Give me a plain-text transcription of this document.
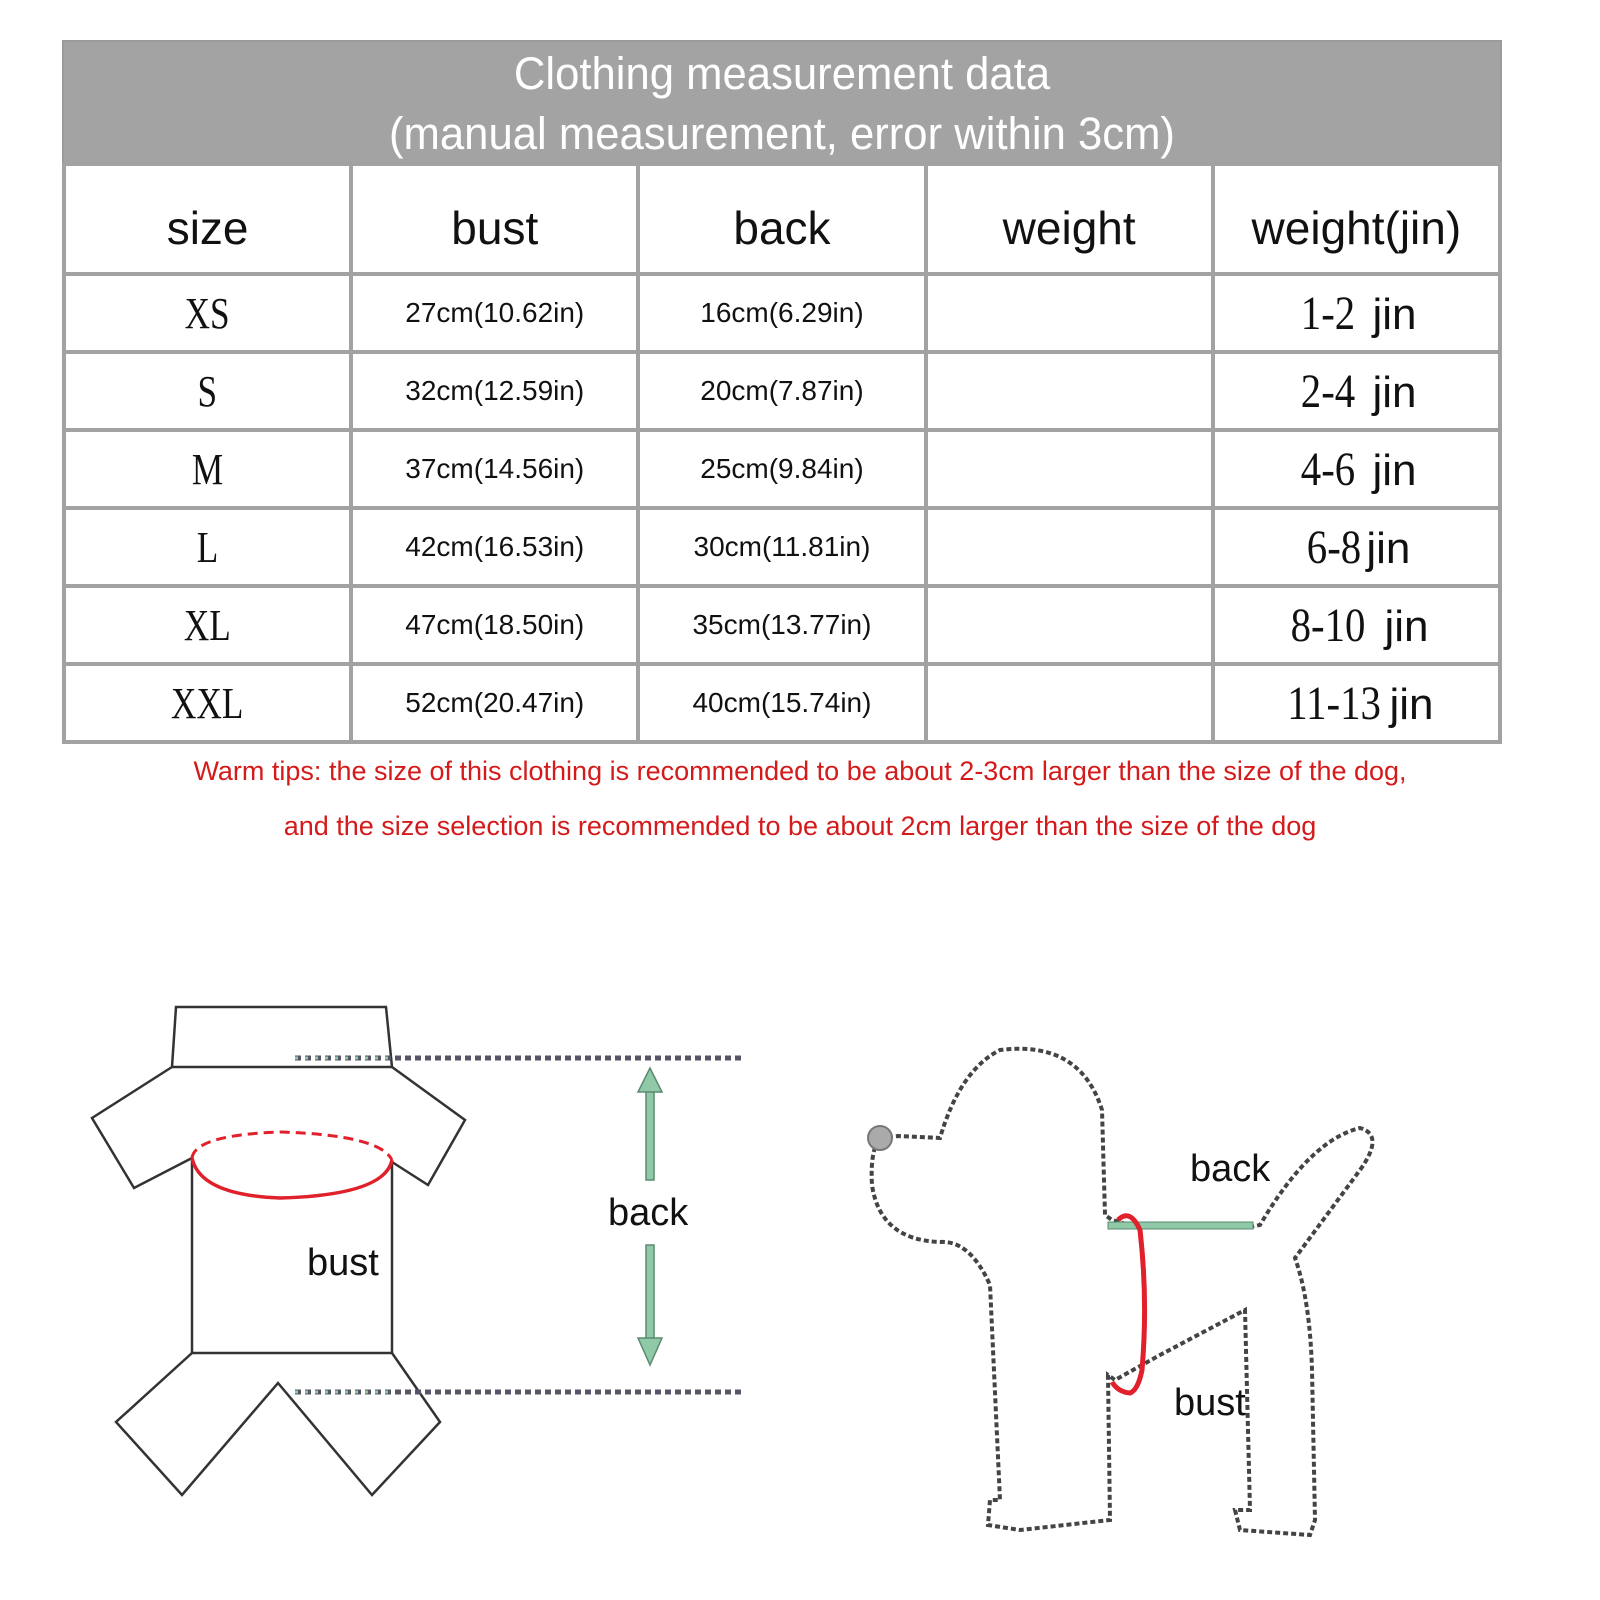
Clothing measurement data
(manual measurement, error within 3cm)
size	bust	back	weight	weight(jin)
XS	27cm(10.62in)	16cm(6.29in)		1-2 jin
S	32cm(12.59in)	20cm(7.87in)		2-4 jin
M	37cm(14.56in)	25cm(9.84in)		4-6 jin
L	42cm(16.53in)	30cm(11.81in)		6-8 jin
XL	47cm(18.50in)	35cm(13.77in)		8-10 jin
XXL	52cm(20.47in)	40cm(15.74in)		11-13 jin
Warm tips: the size of this clothing is recommended to be about 2-3cm larger than the size of the dog,
and the size selection is recommended to be about 2cm larger than the size of the dog
bust
back
back
bust
